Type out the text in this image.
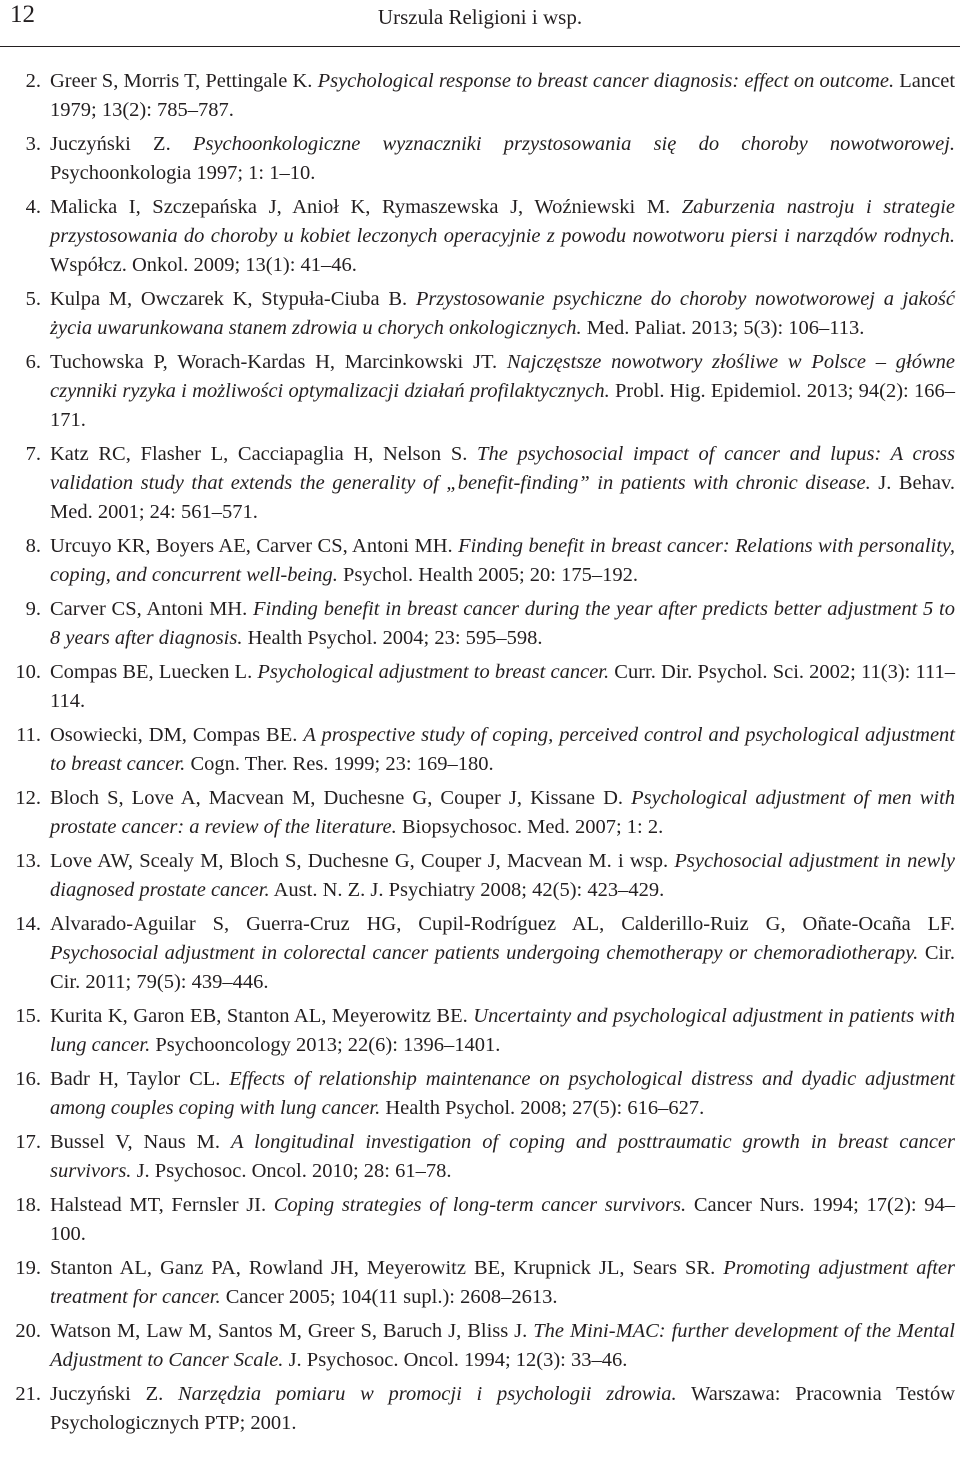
12	Urszula Religioni i wsp.
2. Greer S, Morris T, Pettingale K. Psychological response to breast cancer diagnosis: effect on outcome. Lancet 1979; 13(2): 785–787.
3. Juczyński Z. Psychoonkologiczne wyznaczniki przystosowania się do choroby nowotworowej. Psychoonkologia 1997; 1: 1–10.
4. Malicka I, Szczepańska J, Anioł K, Rymaszewska J, Woźniewski M. Zaburzenia nastroju i strategie przystosowania do choroby u kobiet leczonych operacyjnie z powodu nowotworu piersi i narządów rodnych. Współcz. Onkol. 2009; 13(1): 41–46.
5. Kulpa M, Owczarek K, Stypuła-Ciuba B. Przystosowanie psychiczne do choroby nowotworowej a jakość życia uwarunkowana stanem zdrowia u chorych onkologicznych. Med. Paliat. 2013; 5(3): 106–113.
6. Tuchowska P, Worach-Kardas H, Marcinkowski JT. Najczęstsze nowotwory złośliwe w Polsce – główne czynniki ryzyka i możliwości optymalizacji działań profilaktycznych. Probl. Hig. Epidemiol. 2013; 94(2): 166–171.
7. Katz RC, Flasher L, Cacciapaglia H, Nelson S. The psychosocial impact of cancer and lupus: A cross validation study that extends the generality of „benefit-finding” in patients with chronic disease. J. Behav. Med. 2001; 24: 561–571.
8. Urcuyo KR, Boyers AE, Carver CS, Antoni MH. Finding benefit in breast cancer: Relations with personality, coping, and concurrent well-being. Psychol. Health 2005; 20: 175–192.
9. Carver CS, Antoni MH. Finding benefit in breast cancer during the year after predicts better adjustment 5 to 8 years after diagnosis. Health Psychol. 2004; 23: 595–598.
10. Compas BE, Luecken L. Psychological adjustment to breast cancer. Curr. Dir. Psychol. Sci. 2002; 11(3): 111–114.
11. Osowiecki, DM, Compas BE. A prospective study of coping, perceived control and psychological adjustment to breast cancer. Cogn. Ther. Res. 1999; 23: 169–180.
12. Bloch S, Love A, Macvean M, Duchesne G, Couper J, Kissane D. Psychological adjustment of men with prostate cancer: a review of the literature. Biopsychosoc. Med. 2007; 1: 2.
13. Love AW, Scealy M, Bloch S, Duchesne G, Couper J, Macvean M. i wsp. Psychosocial adjustment in newly diagnosed prostate cancer. Aust. N. Z. J. Psychiatry 2008; 42(5): 423–429.
14. Alvarado-Aguilar S, Guerra-Cruz HG, Cupil-Rodríguez AL, Calderillo-Ruiz G, Oñate-Ocaña LF. Psychosocial adjustment in colorectal cancer patients undergoing chemotherapy or chemoradiotherapy. Cir. Cir. 2011; 79(5): 439–446.
15. Kurita K, Garon EB, Stanton AL, Meyerowitz BE. Uncertainty and psychological adjustment in patients with lung cancer. Psychooncology 2013; 22(6): 1396–1401.
16. Badr H, Taylor CL. Effects of relationship maintenance on psychological distress and dyadic adjustment among couples coping with lung cancer. Health Psychol. 2008; 27(5): 616–627.
17. Bussel V, Naus M. A longitudinal investigation of coping and posttraumatic growth in breast cancer survivors. J. Psychosoc. Oncol. 2010; 28: 61–78.
18. Halstead MT, Fernsler JI. Coping strategies of long-term cancer survivors. Cancer Nurs. 1994; 17(2): 94–100.
19. Stanton AL, Ganz PA, Rowland JH, Meyerowitz BE, Krupnick JL, Sears SR. Promoting adjustment after treatment for cancer. Cancer 2005; 104(11 supl.): 2608–2613.
20. Watson M, Law M, Santos M, Greer S, Baruch J, Bliss J. The Mini-MAC: further development of the Mental Adjustment to Cancer Scale. J. Psychosoc. Oncol. 1994; 12(3): 33–46.
21. Juczyński Z. Narzędzia pomiaru w promocji i psychologii zdrowia. Warszawa: Pracownia Testów Psychologicznych PTP; 2001.
